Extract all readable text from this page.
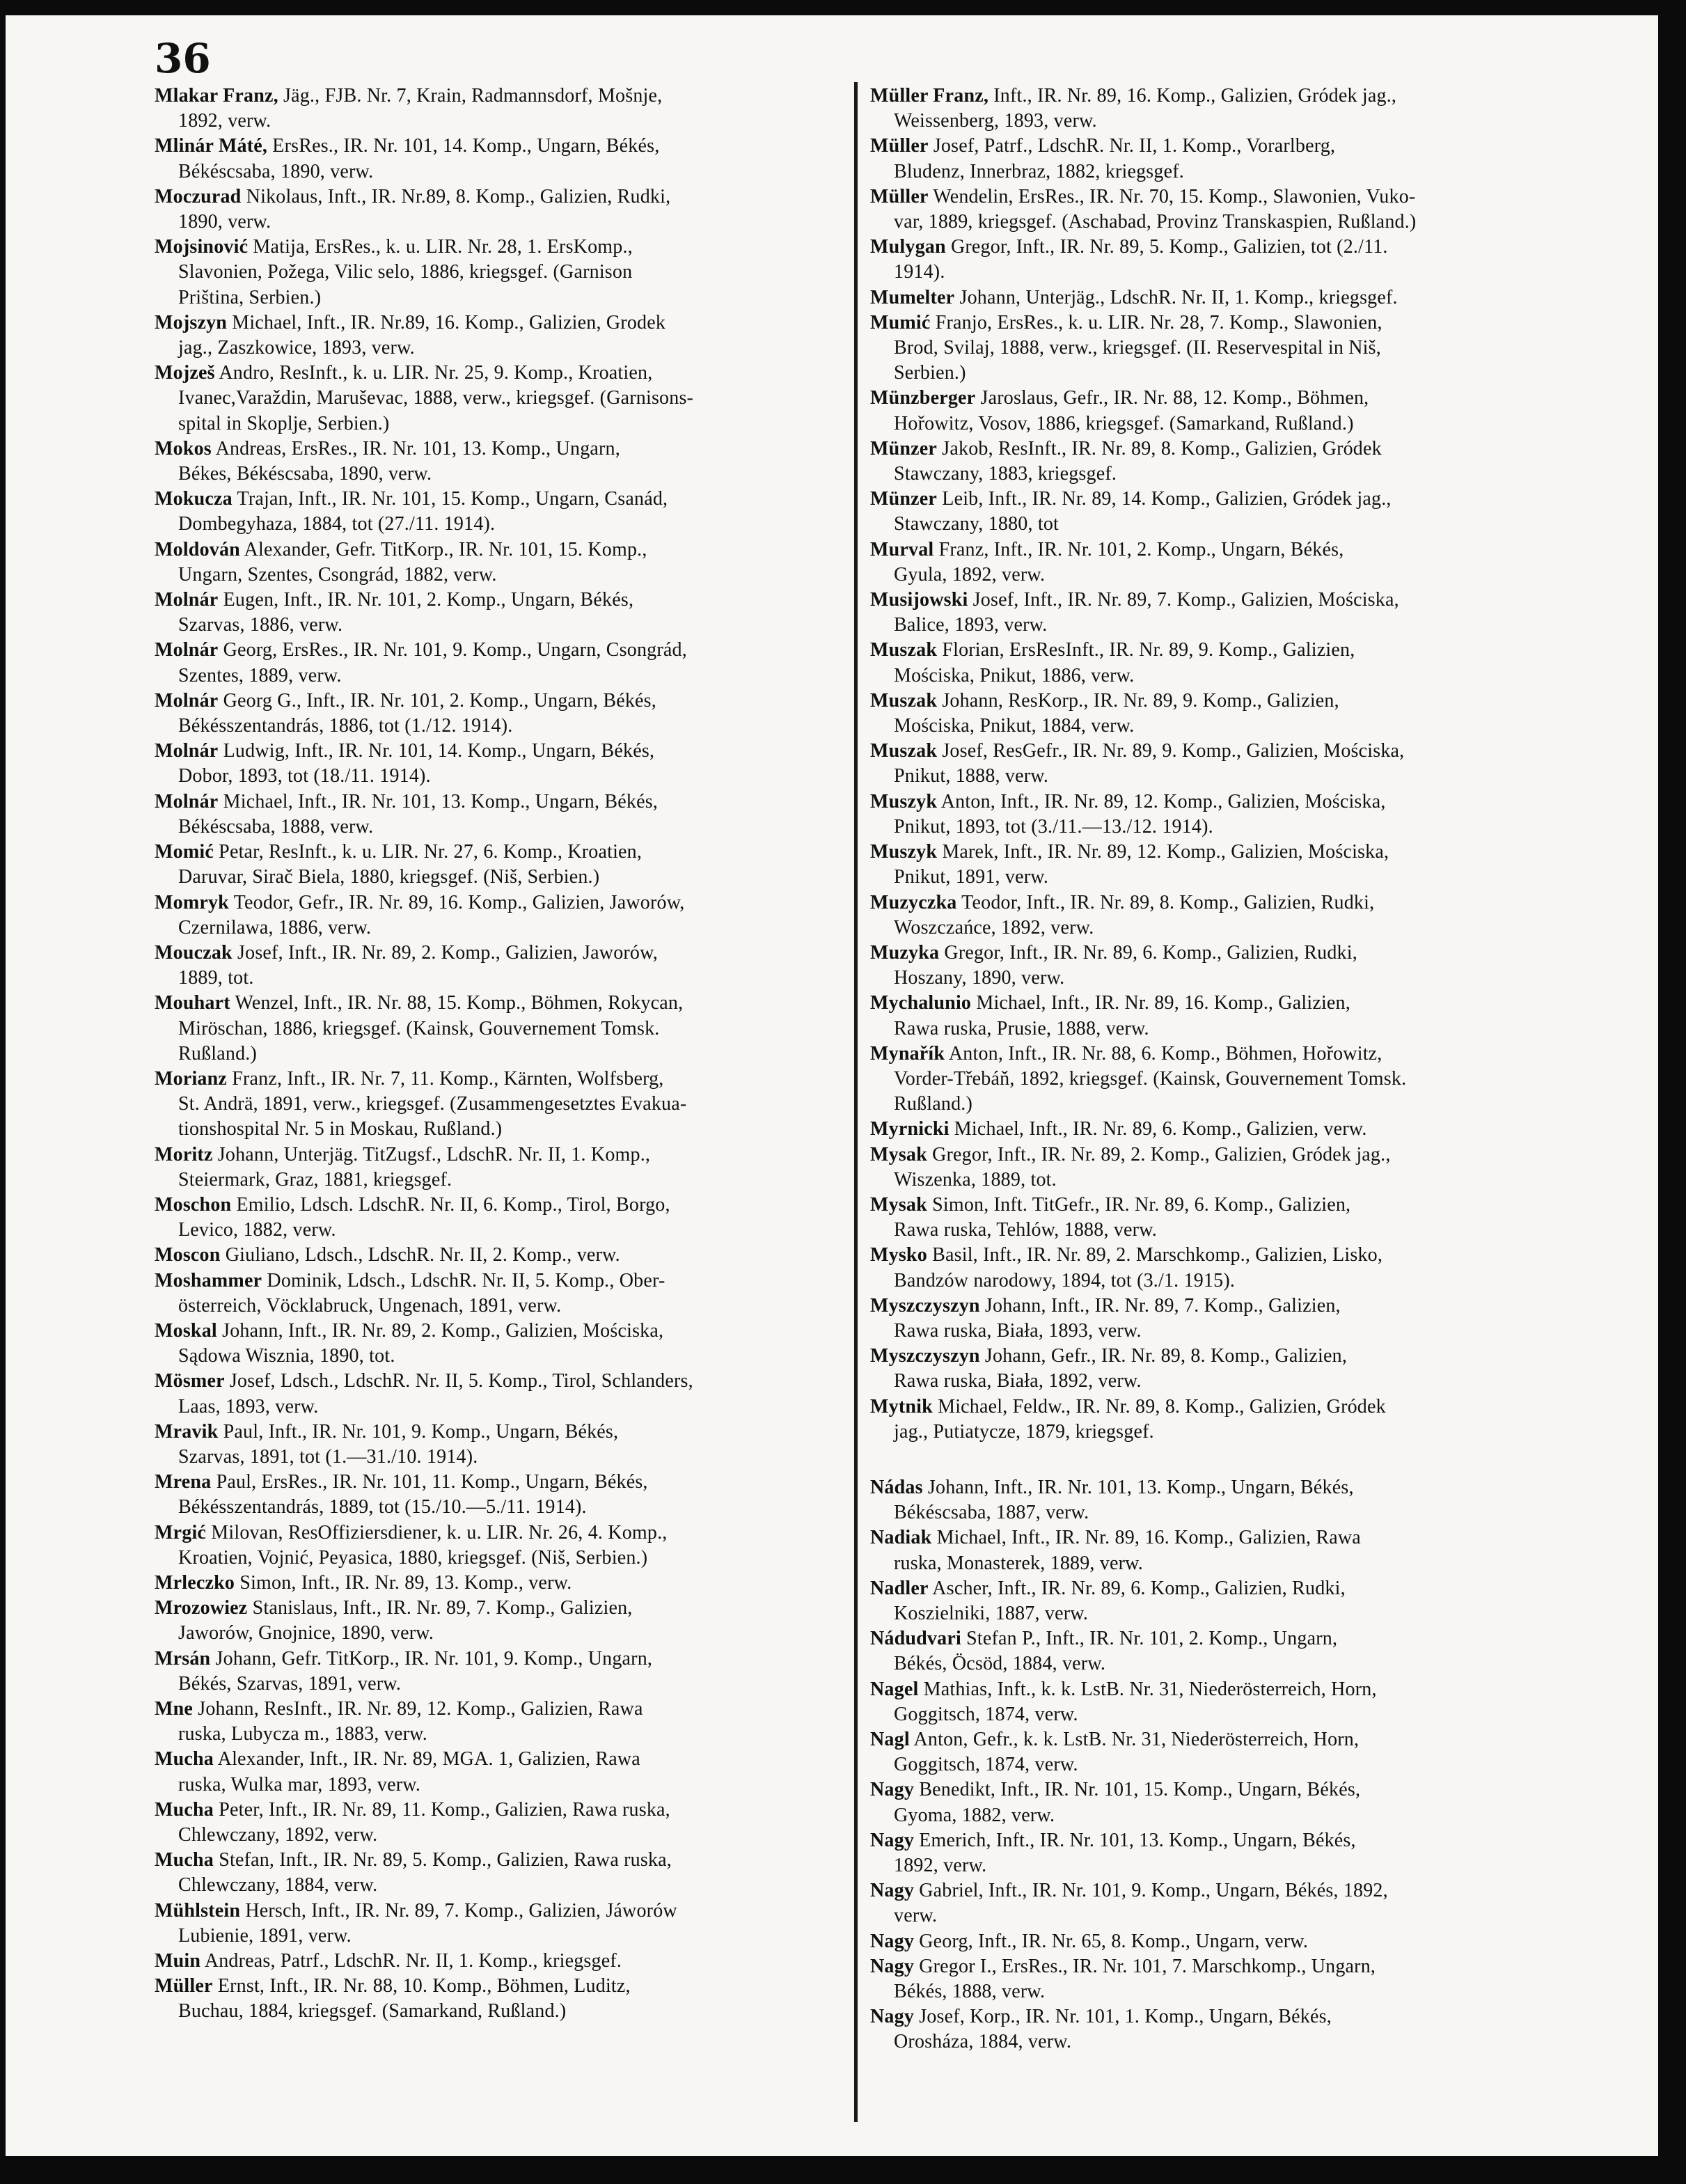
36
Mlakar Franz, Jäg., FJB. Nr. 7, Krain, Radmannsdorf, Mošnje,
1892, verw.
Mlinár Máté, ErsRes., IR. Nr. 101, 14. Komp., Ungarn, Békés,
Békéscsaba, 1890, verw.
Moczurad Nikolaus, Inft., IR. Nr.89, 8. Komp., Galizien, Rudki,
1890, verw.
Mojsinović Matija, ErsRes., k. u. LIR. Nr. 28, 1. ErsKomp.,
Slavonien, Požega, Vilic selo, 1886, kriegsgef. (Garnison
Priština, Serbien.)
Mojszyn Michael, Inft., IR. Nr.89, 16. Komp., Galizien, Grodek
jag., Zaszkowice, 1893, verw.
Mojzeš Andro, ResInft., k. u. LIR. Nr. 25, 9. Komp., Kroatien,
Ivanec,Varaždin, Maruševac, 1888, verw., kriegsgef. (Garnisons-
spital in Skoplje, Serbien.)
Mokos Andreas, ErsRes., IR. Nr. 101, 13. Komp., Ungarn,
Békes, Békéscsaba, 1890, verw.
Mokucza Trajan, Inft., IR. Nr. 101, 15. Komp., Ungarn, Csanád,
Dombegyhaza, 1884, tot (27./11. 1914).
Moldován Alexander, Gefr. TitKorp., IR. Nr. 101, 15. Komp.,
Ungarn, Szentes, Csongrád, 1882, verw.
Molnár Eugen, Inft., IR. Nr. 101, 2. Komp., Ungarn, Békés,
Szarvas, 1886, verw.
Molnár Georg, ErsRes., IR. Nr. 101, 9. Komp., Ungarn, Csongrád,
Szentes, 1889, verw.
Molnár Georg G., Inft., IR. Nr. 101, 2. Komp., Ungarn, Békés,
Békésszentandrás, 1886, tot (1./12. 1914).
Molnár Ludwig, Inft., IR. Nr. 101, 14. Komp., Ungarn, Békés,
Dobor, 1893, tot (18./11. 1914).
Molnár Michael, Inft., IR. Nr. 101, 13. Komp., Ungarn, Békés,
Békéscsaba, 1888, verw.
Momić Petar, ResInft., k. u. LIR. Nr. 27, 6. Komp., Kroatien,
Daruvar, Sirač Biela, 1880, kriegsgef. (Niš, Serbien.)
Momryk Teodor, Gefr., IR. Nr. 89, 16. Komp., Galizien, Jaworów,
Czernilawa, 1886, verw.
Mouczak Josef, Inft., IR. Nr. 89, 2. Komp., Galizien, Jaworów,
1889, tot.
Mouhart Wenzel, Inft., IR. Nr. 88, 15. Komp., Böhmen, Rokycan,
Miröschan, 1886, kriegsgef. (Kainsk, Gouvernement Tomsk.
Rußland.)
Morianz Franz, Inft., IR. Nr. 7, 11. Komp., Kärnten, Wolfsberg,
St. Andrä, 1891, verw., kriegsgef. (Zusammengesetztes Evakua-
tionshospital Nr. 5 in Moskau, Rußland.)
Moritz Johann, Unterjäg. TitZugsf., LdschR. Nr. II, 1. Komp.,
Steiermark, Graz, 1881, kriegsgef.
Moschon Emilio, Ldsch. LdschR. Nr. II, 6. Komp., Tirol, Borgo,
Levico, 1882, verw.
Moscon Giuliano, Ldsch., LdschR. Nr. II, 2. Komp., verw.
Moshammer Dominik, Ldsch., LdschR. Nr. II, 5. Komp., Ober-
österreich, Vöcklabruck, Ungenach, 1891, verw.
Moskal Johann, Inft., IR. Nr. 89, 2. Komp., Galizien, Mościska,
Sądowa Wisznia, 1890, tot.
Mösmer Josef, Ldsch., LdschR. Nr. II, 5. Komp., Tirol, Schlanders,
Laas, 1893, verw.
Mravik Paul, Inft., IR. Nr. 101, 9. Komp., Ungarn, Békés,
Szarvas, 1891, tot (1.—31./10. 1914).
Mrena Paul, ErsRes., IR. Nr. 101, 11. Komp., Ungarn, Békés,
Békésszentandrás, 1889, tot (15./10.—5./11. 1914).
Mrgić Milovan, ResOffiziersdiener, k. u. LIR. Nr. 26, 4. Komp.,
Kroatien, Vojnić, Peyasica, 1880, kriegsgef. (Niš, Serbien.)
Mrleczko Simon, Inft., IR. Nr. 89, 13. Komp., verw.
Mrozowiez Stanislaus, Inft., IR. Nr. 89, 7. Komp., Galizien,
Jaworów, Gnojnice, 1890, verw.
Mrsán Johann, Gefr. TitKorp., IR. Nr. 101, 9. Komp., Ungarn,
Békés, Szarvas, 1891, verw.
Mne Johann, ResInft., IR. Nr. 89, 12. Komp., Galizien, Rawa
ruska, Lubycza m., 1883, verw.
Mucha Alexander, Inft., IR. Nr. 89, MGA. 1, Galizien, Rawa
ruska, Wulka mar, 1893, verw.
Mucha Peter, Inft., IR. Nr. 89, 11. Komp., Galizien, Rawa ruska,
Chlewczany, 1892, verw.
Mucha Stefan, Inft., IR. Nr. 89, 5. Komp., Galizien, Rawa ruska,
Chlewczany, 1884, verw.
Mühlstein Hersch, Inft., IR. Nr. 89, 7. Komp., Galizien, Jáworów
Lubienie, 1891, verw.
Muin Andreas, Patrf., LdschR. Nr. II, 1. Komp., kriegsgef.
Müller Ernst, Inft., IR. Nr. 88, 10. Komp., Böhmen, Luditz,
Buchau, 1884, kriegsgef. (Samarkand, Rußland.)
Müller Franz, Inft., IR. Nr. 89, 16. Komp., Galizien, Gródek jag.,
Weissenberg, 1893, verw.
Müller Josef, Patrf., LdschR. Nr. II, 1. Komp., Vorarlberg,
Bludenz, Innerbraz, 1882, kriegsgef.
Müller Wendelin, ErsRes., IR. Nr. 70, 15. Komp., Slawonien, Vuko-
var, 1889, kriegsgef. (Aschabad, Provinz Transkaspien, Rußland.)
Mulygan Gregor, Inft., IR. Nr. 89, 5. Komp., Galizien, tot (2./11.
1914).
Mumelter Johann, Unterjäg., LdschR. Nr. II, 1. Komp., kriegsgef.
Mumić Franjo, ErsRes., k. u. LIR. Nr. 28, 7. Komp., Slawonien,
Brod, Svilaj, 1888, verw., kriegsgef. (II. Reservespital in Niš,
Serbien.)
Münzberger Jaroslaus, Gefr., IR. Nr. 88, 12. Komp., Böhmen,
Hořowitz, Vosov, 1886, kriegsgef. (Samarkand, Rußland.)
Münzer Jakob, ResInft., IR. Nr. 89, 8. Komp., Galizien, Gródek
Stawczany, 1883, kriegsgef.
Münzer Leib, Inft., IR. Nr. 89, 14. Komp., Galizien, Gródek jag.,
Stawczany, 1880, tot
Murval Franz, Inft., IR. Nr. 101, 2. Komp., Ungarn, Békés,
Gyula, 1892, verw.
Musijowski Josef, Inft., IR. Nr. 89, 7. Komp., Galizien, Mościska,
Balice, 1893, verw.
Muszak Florian, ErsResInft., IR. Nr. 89, 9. Komp., Galizien,
Mościska, Pnikut, 1886, verw.
Muszak Johann, ResKorp., IR. Nr. 89, 9. Komp., Galizien,
Mościska, Pnikut, 1884, verw.
Muszak Josef, ResGefr., IR. Nr. 89, 9. Komp., Galizien, Mościska,
Pnikut, 1888, verw.
Muszyk Anton, Inft., IR. Nr. 89, 12. Komp., Galizien, Mościska,
Pnikut, 1893, tot (3./11.—13./12. 1914).
Muszyk Marek, Inft., IR. Nr. 89, 12. Komp., Galizien, Mościska,
Pnikut, 1891, verw.
Muzyczka Teodor, Inft., IR. Nr. 89, 8. Komp., Galizien, Rudki,
Woszczańce, 1892, verw.
Muzyka Gregor, Inft., IR. Nr. 89, 6. Komp., Galizien, Rudki,
Hoszany, 1890, verw.
Mychalunio Michael, Inft., IR. Nr. 89, 16. Komp., Galizien,
Rawa ruska, Prusie, 1888, verw.
Mynařík Anton, Inft., IR. Nr. 88, 6. Komp., Böhmen, Hořowitz,
Vorder-Třebáň, 1892, kriegsgef. (Kainsk, Gouvernement Tomsk.
Rußland.)
Myrnicki Michael, Inft., IR. Nr. 89, 6. Komp., Galizien, verw.
Mysak Gregor, Inft., IR. Nr. 89, 2. Komp., Galizien, Gródek jag.,
Wiszenka, 1889, tot.
Mysak Simon, Inft. TitGefr., IR. Nr. 89, 6. Komp., Galizien,
Rawa ruska, Tehlów, 1888, verw.
Mysko Basil, Inft., IR. Nr. 89, 2. Marschkomp., Galizien, Lisko,
Bandzów narodowy, 1894, tot (3./1. 1915).
Myszczyszyn Johann, Inft., IR. Nr. 89, 7. Komp., Galizien,
Rawa ruska, Biała, 1893, verw.
Myszczyszyn Johann, Gefr., IR. Nr. 89, 8. Komp., Galizien,
Rawa ruska, Biała, 1892, verw.
Mytnik Michael, Feldw., IR. Nr. 89, 8. Komp., Galizien, Gródek
jag., Putiatycze, 1879, kriegsgef.
Nádas Johann, Inft., IR. Nr. 101, 13. Komp., Ungarn, Békés,
Békéscsaba, 1887, verw.
Nadiak Michael, Inft., IR. Nr. 89, 16. Komp., Galizien, Rawa
ruska, Monasterek, 1889, verw.
Nadler Ascher, Inft., IR. Nr. 89, 6. Komp., Galizien, Rudki,
Koszielniki, 1887, verw.
Nádudvari Stefan P., Inft., IR. Nr. 101, 2. Komp., Ungarn,
Békés, Öcsöd, 1884, verw.
Nagel Mathias, Inft., k. k. LstB. Nr. 31, Niederösterreich, Horn,
Goggitsch, 1874, verw.
Nagl Anton, Gefr., k. k. LstB. Nr. 31, Niederösterreich, Horn,
Goggitsch, 1874, verw.
Nagy Benedikt, Inft., IR. Nr. 101, 15. Komp., Ungarn, Békés,
Gyoma, 1882, verw.
Nagy Emerich, Inft., IR. Nr. 101, 13. Komp., Ungarn, Békés,
1892, verw.
Nagy Gabriel, Inft., IR. Nr. 101, 9. Komp., Ungarn, Békés, 1892,
verw.
Nagy Georg, Inft., IR. Nr. 65, 8. Komp., Ungarn, verw.
Nagy Gregor I., ErsRes., IR. Nr. 101, 7. Marschkomp., Ungarn,
Békés, 1888, verw.
Nagy Josef, Korp., IR. Nr. 101, 1. Komp., Ungarn, Békés,
Orosháza, 1884, verw.
